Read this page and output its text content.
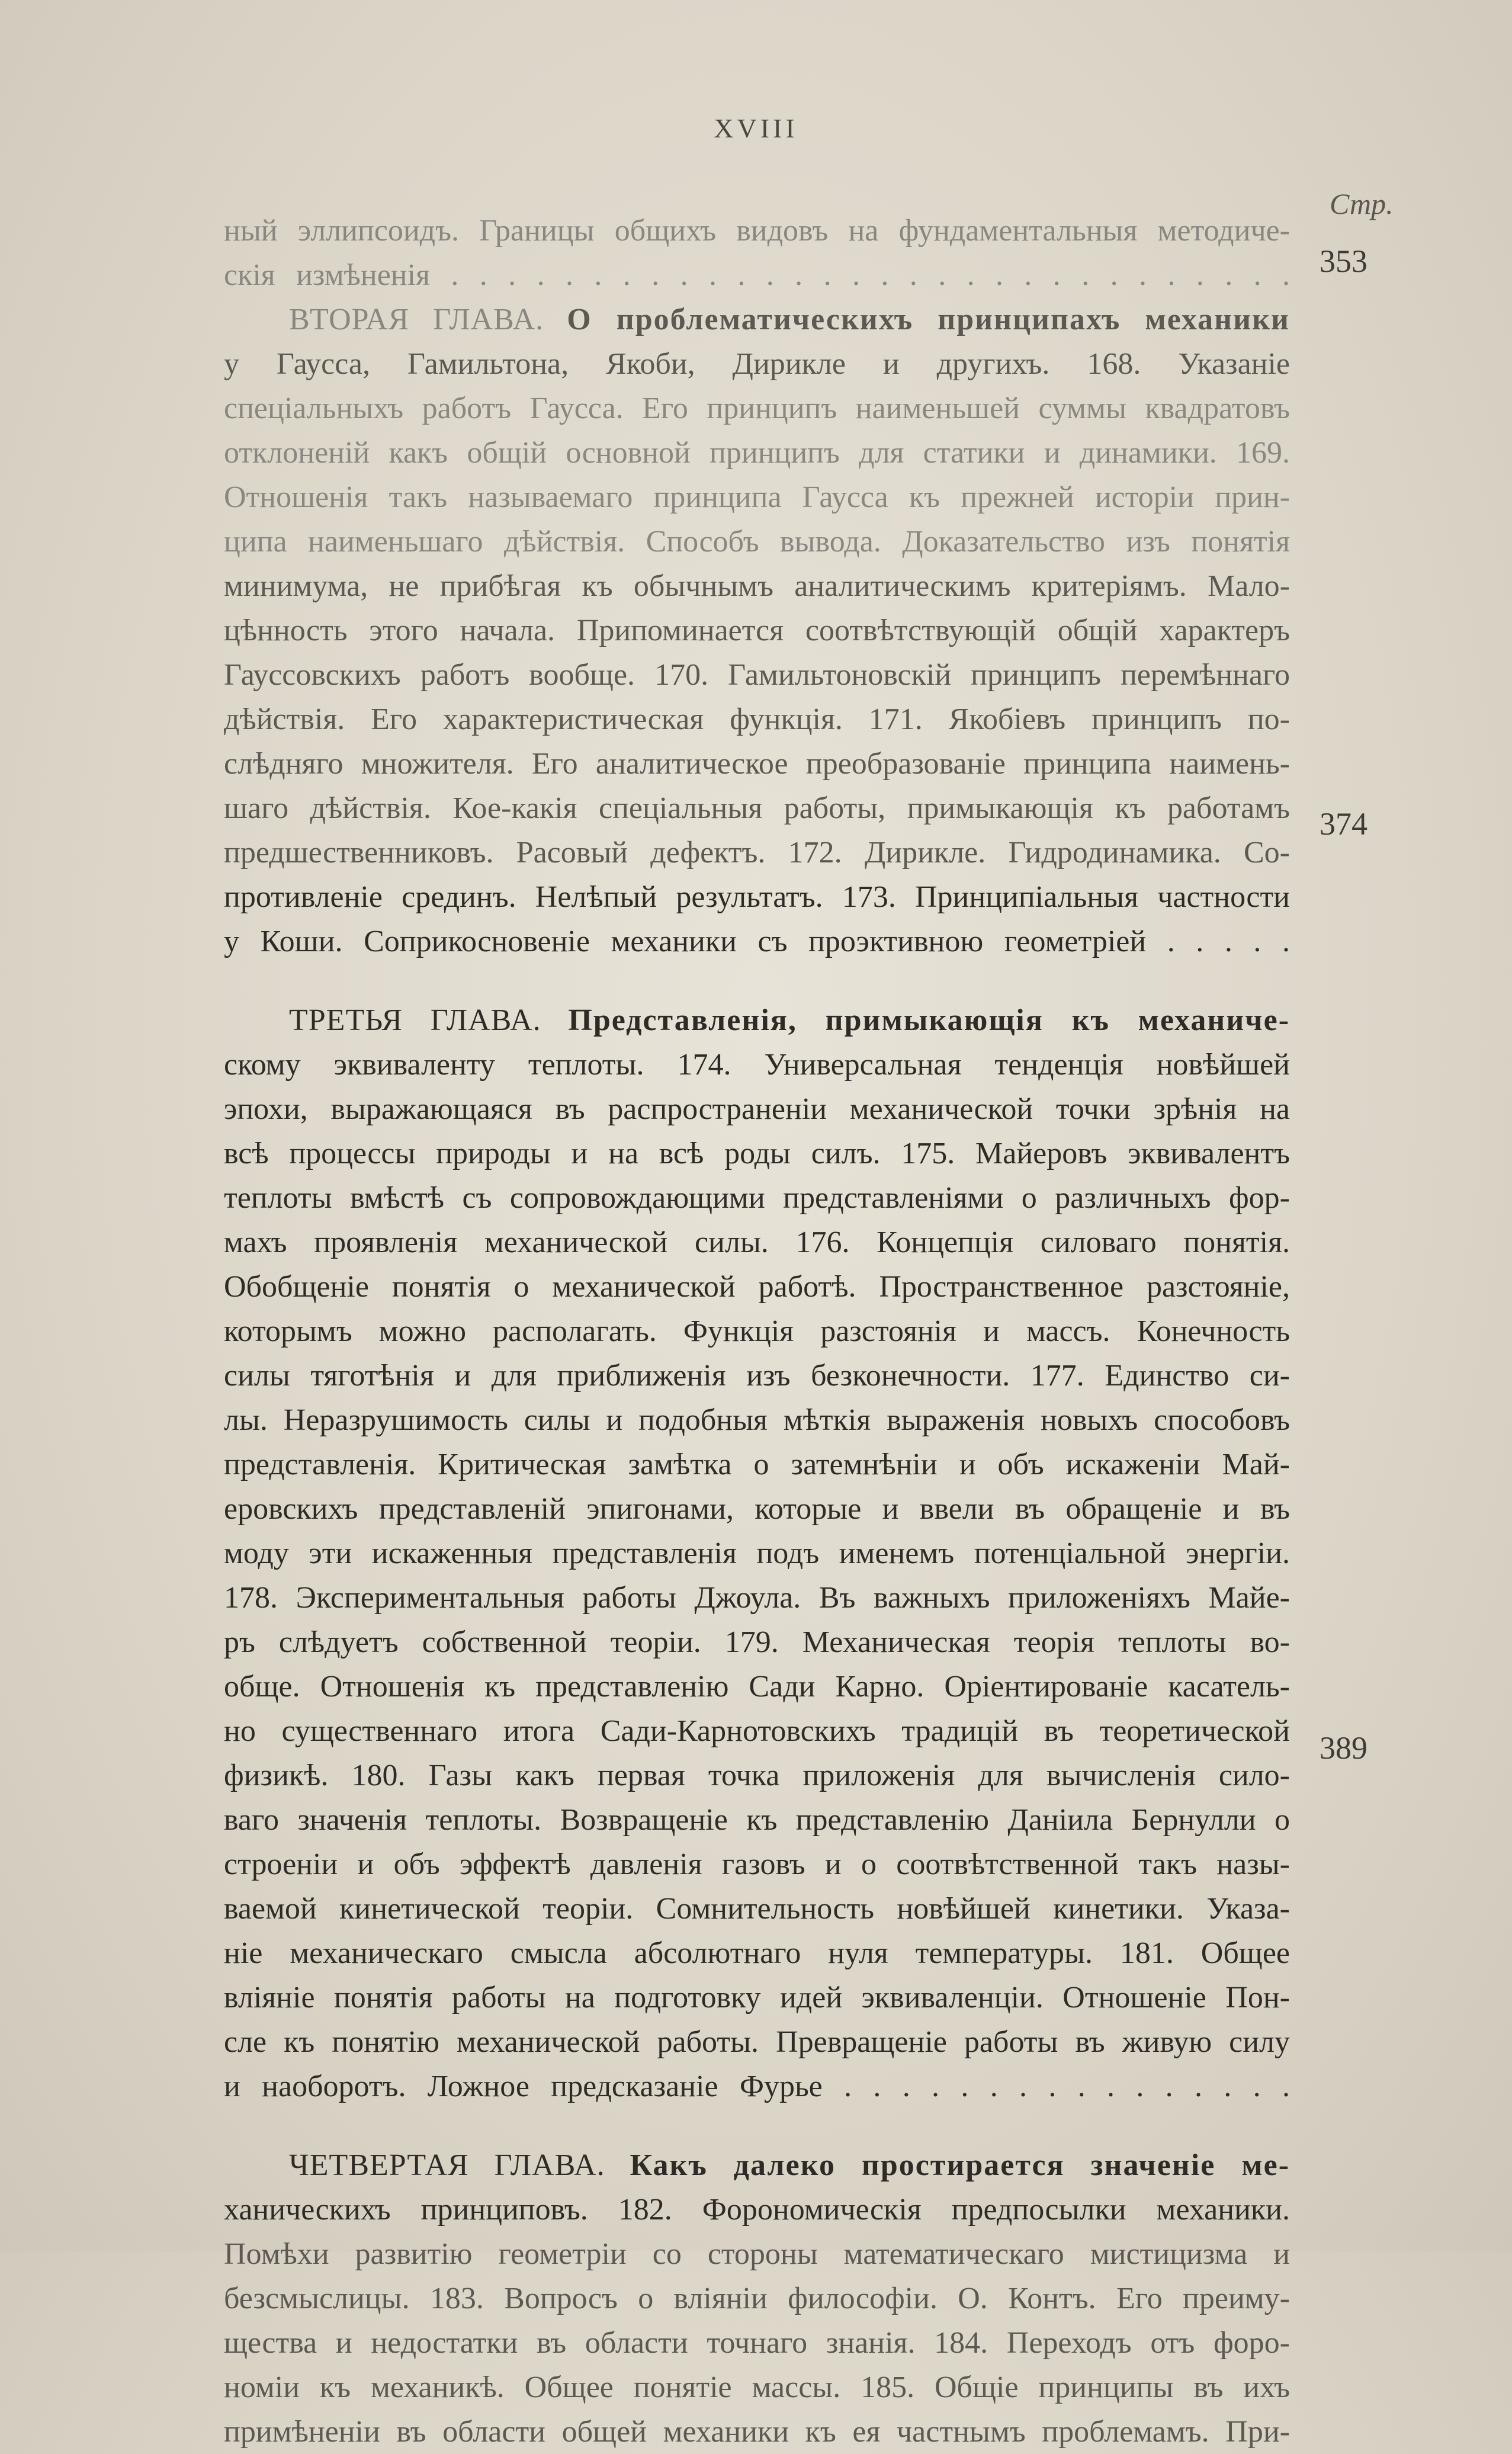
XVIII
Стр.
ный эллипсоидъ. Границы общихъ видовъ на фундаментальныя методиче-
скія измѣненія . . . . . . . . . . . . . . . . . . . . . . . . . . . . . .
ВТОРАЯ ГЛАВА. О проблематическихъ принципахъ механики
у Гаусса, Гамильтона, Якоби, Дирикле и другихъ. 168. Указаніе
спеціальныхъ работъ Гаусса. Его принципъ наименьшей суммы квадратовъ
отклоненій какъ общій основной принципъ для статики и динамики. 169.
Отношенія такъ называемаго принципа Гаусса къ прежней исторіи прин-
ципа наименьшаго дѣйствія. Способъ вывода. Доказательство изъ понятія
минимума, не прибѣгая къ обычнымъ аналитическимъ критеріямъ. Мало-
цѣнность этого начала. Припоминается соотвѣтствующій общій характеръ
Гауссовскихъ работъ вообще. 170. Гамильтоновскій принципъ перемѣннаго
дѣйствія. Его характеристическая функція. 171. Якобіевъ принципъ по-
слѣдняго множителя. Его аналитическое преобразованіе принципа наимень-
шаго дѣйствія. Кое-какія спеціальныя работы, примыкающія къ работамъ
предшественниковъ. Расовый дефектъ. 172. Дирикле. Гидродинамика. Со-
противленіе срединъ. Нелѣпый результатъ. 173. Принципіальныя частности
у Коши. Соприкосновеніе механики съ проэктивною геометріей . . . . .
ТРЕТЬЯ ГЛАВА. Представленія, примыкающія къ механиче-
скому эквиваленту теплоты. 174. Универсальная тенденція новѣйшей
эпохи, выражающаяся въ распространеніи механической точки зрѣнія на
всѣ процессы природы и на всѣ роды силъ. 175. Майеровъ эквивалентъ
теплоты вмѣстѣ съ сопровождающими представленіями о различныхъ фор-
махъ проявленія механической силы. 176. Концепція силоваго понятія.
Обобщеніе понятія о механической работѣ. Пространственное разстояніе,
которымъ можно располагать. Функція разстоянія и массъ. Конечность
силы тяготѣнія и для приближенія изъ безконечности. 177. Единство си-
лы. Неразрушимость силы и подобныя мѣткія выраженія новыхъ способовъ
представленія. Критическая замѣтка о затемнѣніи и объ искаженіи Май-
еровскихъ представленій эпигонами, которые и ввели въ обращеніе и въ
моду эти искаженныя представленія подъ именемъ потенціальной энергіи.
178. Экспериментальныя работы Джоула. Въ важныхъ приложеніяхъ Майе-
ръ слѣдуетъ собственной теоріи. 179. Механическая теорія теплоты во-
обще. Отношенія къ представленію Сади Карно. Оріентированіе касатель-
но существеннаго итога Сади-Карнотовскихъ традицій въ теоретической
физикѣ. 180. Газы какъ первая точка приложенія для вычисленія сило-
ваго значенія теплоты. Возвращеніе къ представленію Даніила Бернулли о
строеніи и объ эффектѣ давленія газовъ и о соотвѣтственной такъ назы-
ваемой кинетической теоріи. Сомнительность новѣйшей кинетики. Указа-
ніе механическаго смысла абсолютнаго нуля температуры. 181. Общее
вліяніе понятія работы на подготовку идей эквиваленціи. Отношеніе Пон-
сле къ понятію механической работы. Превращеніе работы въ живую силу
и наоборотъ. Ложное предсказаніе Фурье . . . . . . . . . . . . . . . .
ЧЕТВЕРТАЯ ГЛАВА. Какъ далеко простирается значеніе ме-
ханическихъ принциповъ. 182. Форономическія предпосылки механики.
Помѣхи развитію геометріи со стороны математическаго мистицизма и
безсмыслицы. 183. Вопросъ о вліяніи философіи. О. Контъ. Его преиму-
щества и недостатки въ области точнаго знанія. 184. Переходъ отъ форо-
номіи къ механикѣ. Общее понятіе массы. 185. Общіе принципы въ ихъ
примѣненіи въ области общей механики къ ея частнымъ проблемамъ. При-
353
374
389
